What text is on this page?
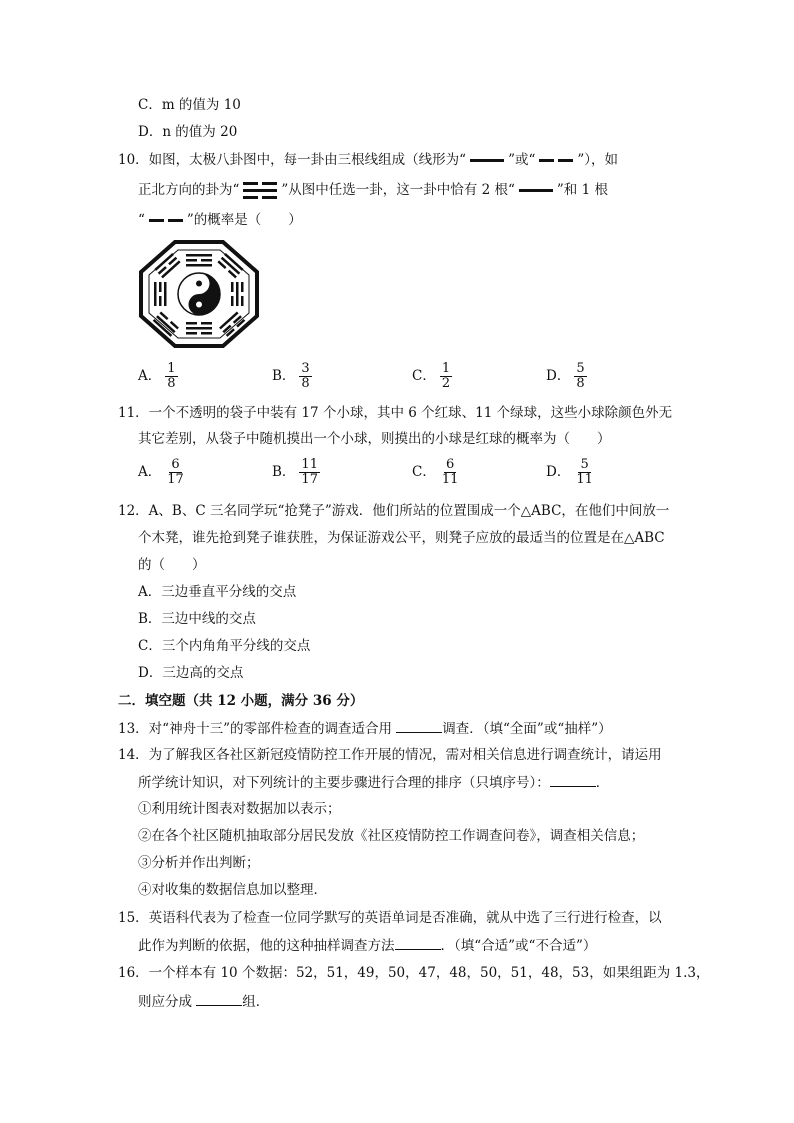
C．m 的值为 10
D．n 的值为 20
10．如图，太极八卦图中，每一卦由三根线组成（线形为“	”或“	”），如
正北方向的卦为“	”从图中任选一卦，这一卦中恰有 2 根“	”和 1 根
“	”的概率是（　　）
A． $\frac{1}{8}$	B． $\frac{3}{8}$	C． $\frac{1}{2}$	D． $\frac{5}{8}$
11．一个不透明的袋子中装有 17 个小球，其中 6 个红球、11 个绿球，这些小球除颜色外无
其它差别，从袋子中随机摸出一个小球，则摸出的小球是红球的概率为（　　）
A． $\frac{6}{17}$	B． $\frac{11}{17}$	C． $\frac{6}{11}$	D． $\frac{5}{11}$
12．A、B、C 三名同学玩“抢凳子”游戏．他们所站的位置围成一个△ABC，在他们中间放一
个木凳，谁先抢到凳子谁获胜，为保证游戏公平，则凳子应放的最适当的位置是在△ABC
的（　　）
A．三边垂直平分线的交点
B．三边中线的交点
C．三个内角角平分线的交点
D．三边高的交点
二．填空题（共 12 小题，满分 36 分）
13．对“神舟十三”的零部件检查的调查适合用	调查．（填“全面”或“抽样”）
14．为了解我区各社区新冠疫情防控工作开展的情况，需对相关信息进行调查统计，请运用
所学统计知识，对下列统计的主要步骤进行合理的排序（只填序号）：	．
①利用统计图表对数据加以表示；
②在各个社区随机抽取部分居民发放《社区疫情防控工作调查问卷》，调查相关信息；
③分析并作出判断；
④对收集的数据信息加以整理．
15．英语科代表为了检查一位同学默写的英语单词是否准确，就从中选了三行进行检查，以
此作为判断的依据，他的这种抽样调查方法	．（填“合适”或“不合适”）
16．一个样本有 10 个数据：52，51，49，50，47，48，50，51，48，53，如果组距为 1.3，
则应分成	组．
